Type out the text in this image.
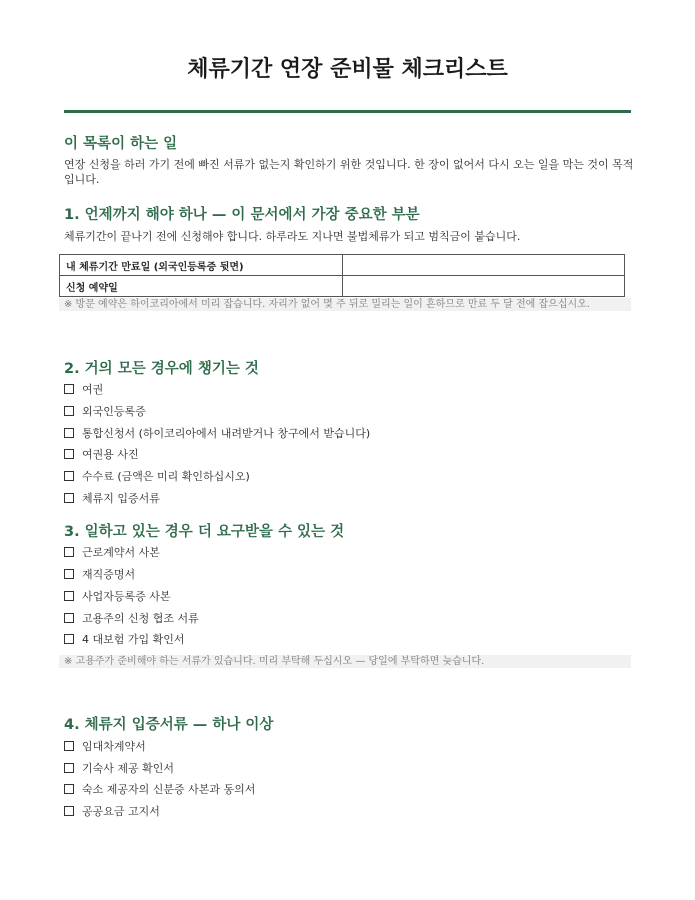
체류기간 연장 준비물 체크리스트
이 목록이 하는 일
연장 신청을 하러 가기 전에 빠진 서류가 없는지 확인하기 위한 것입니다. 한 장이 없어서 다시 오는 일을 막는 것이 목적입니다.
1. 언제까지 해야 하나 — 이 문서에서 가장 중요한 부분
체류기간이 끝나기 전에 신청해야 합니다. 하루라도 지나면 불법체류가 되고 범칙금이 붙습니다.
내 체류기간 만료일 (외국인등록증 뒷면)	
신청 예약일	
※ 방문 예약은 하이코리아에서 미리 잡습니다. 자리가 없어 몇 주 뒤로 밀리는 일이 흔하므로 만료 두 달 전에 잡으십시오.
2. 거의 모든 경우에 챙기는 것
여권
외국인등록증
통합신청서 (하이코리아에서 내려받거나 창구에서 받습니다)
여권용 사진
수수료 (금액은 미리 확인하십시오)
체류지 입증서류
3. 일하고 있는 경우 더 요구받을 수 있는 것
근로계약서 사본
재직증명서
사업자등록증 사본
고용주의 신청 협조 서류
4 대보험 가입 확인서
※ 고용주가 준비해야 하는 서류가 있습니다. 미리 부탁해 두십시오 — 당일에 부탁하면 늦습니다.
4. 체류지 입증서류 — 하나 이상
임대차계약서
기숙사 제공 확인서
숙소 제공자의 신분증 사본과 동의서
공공요금 고지서
